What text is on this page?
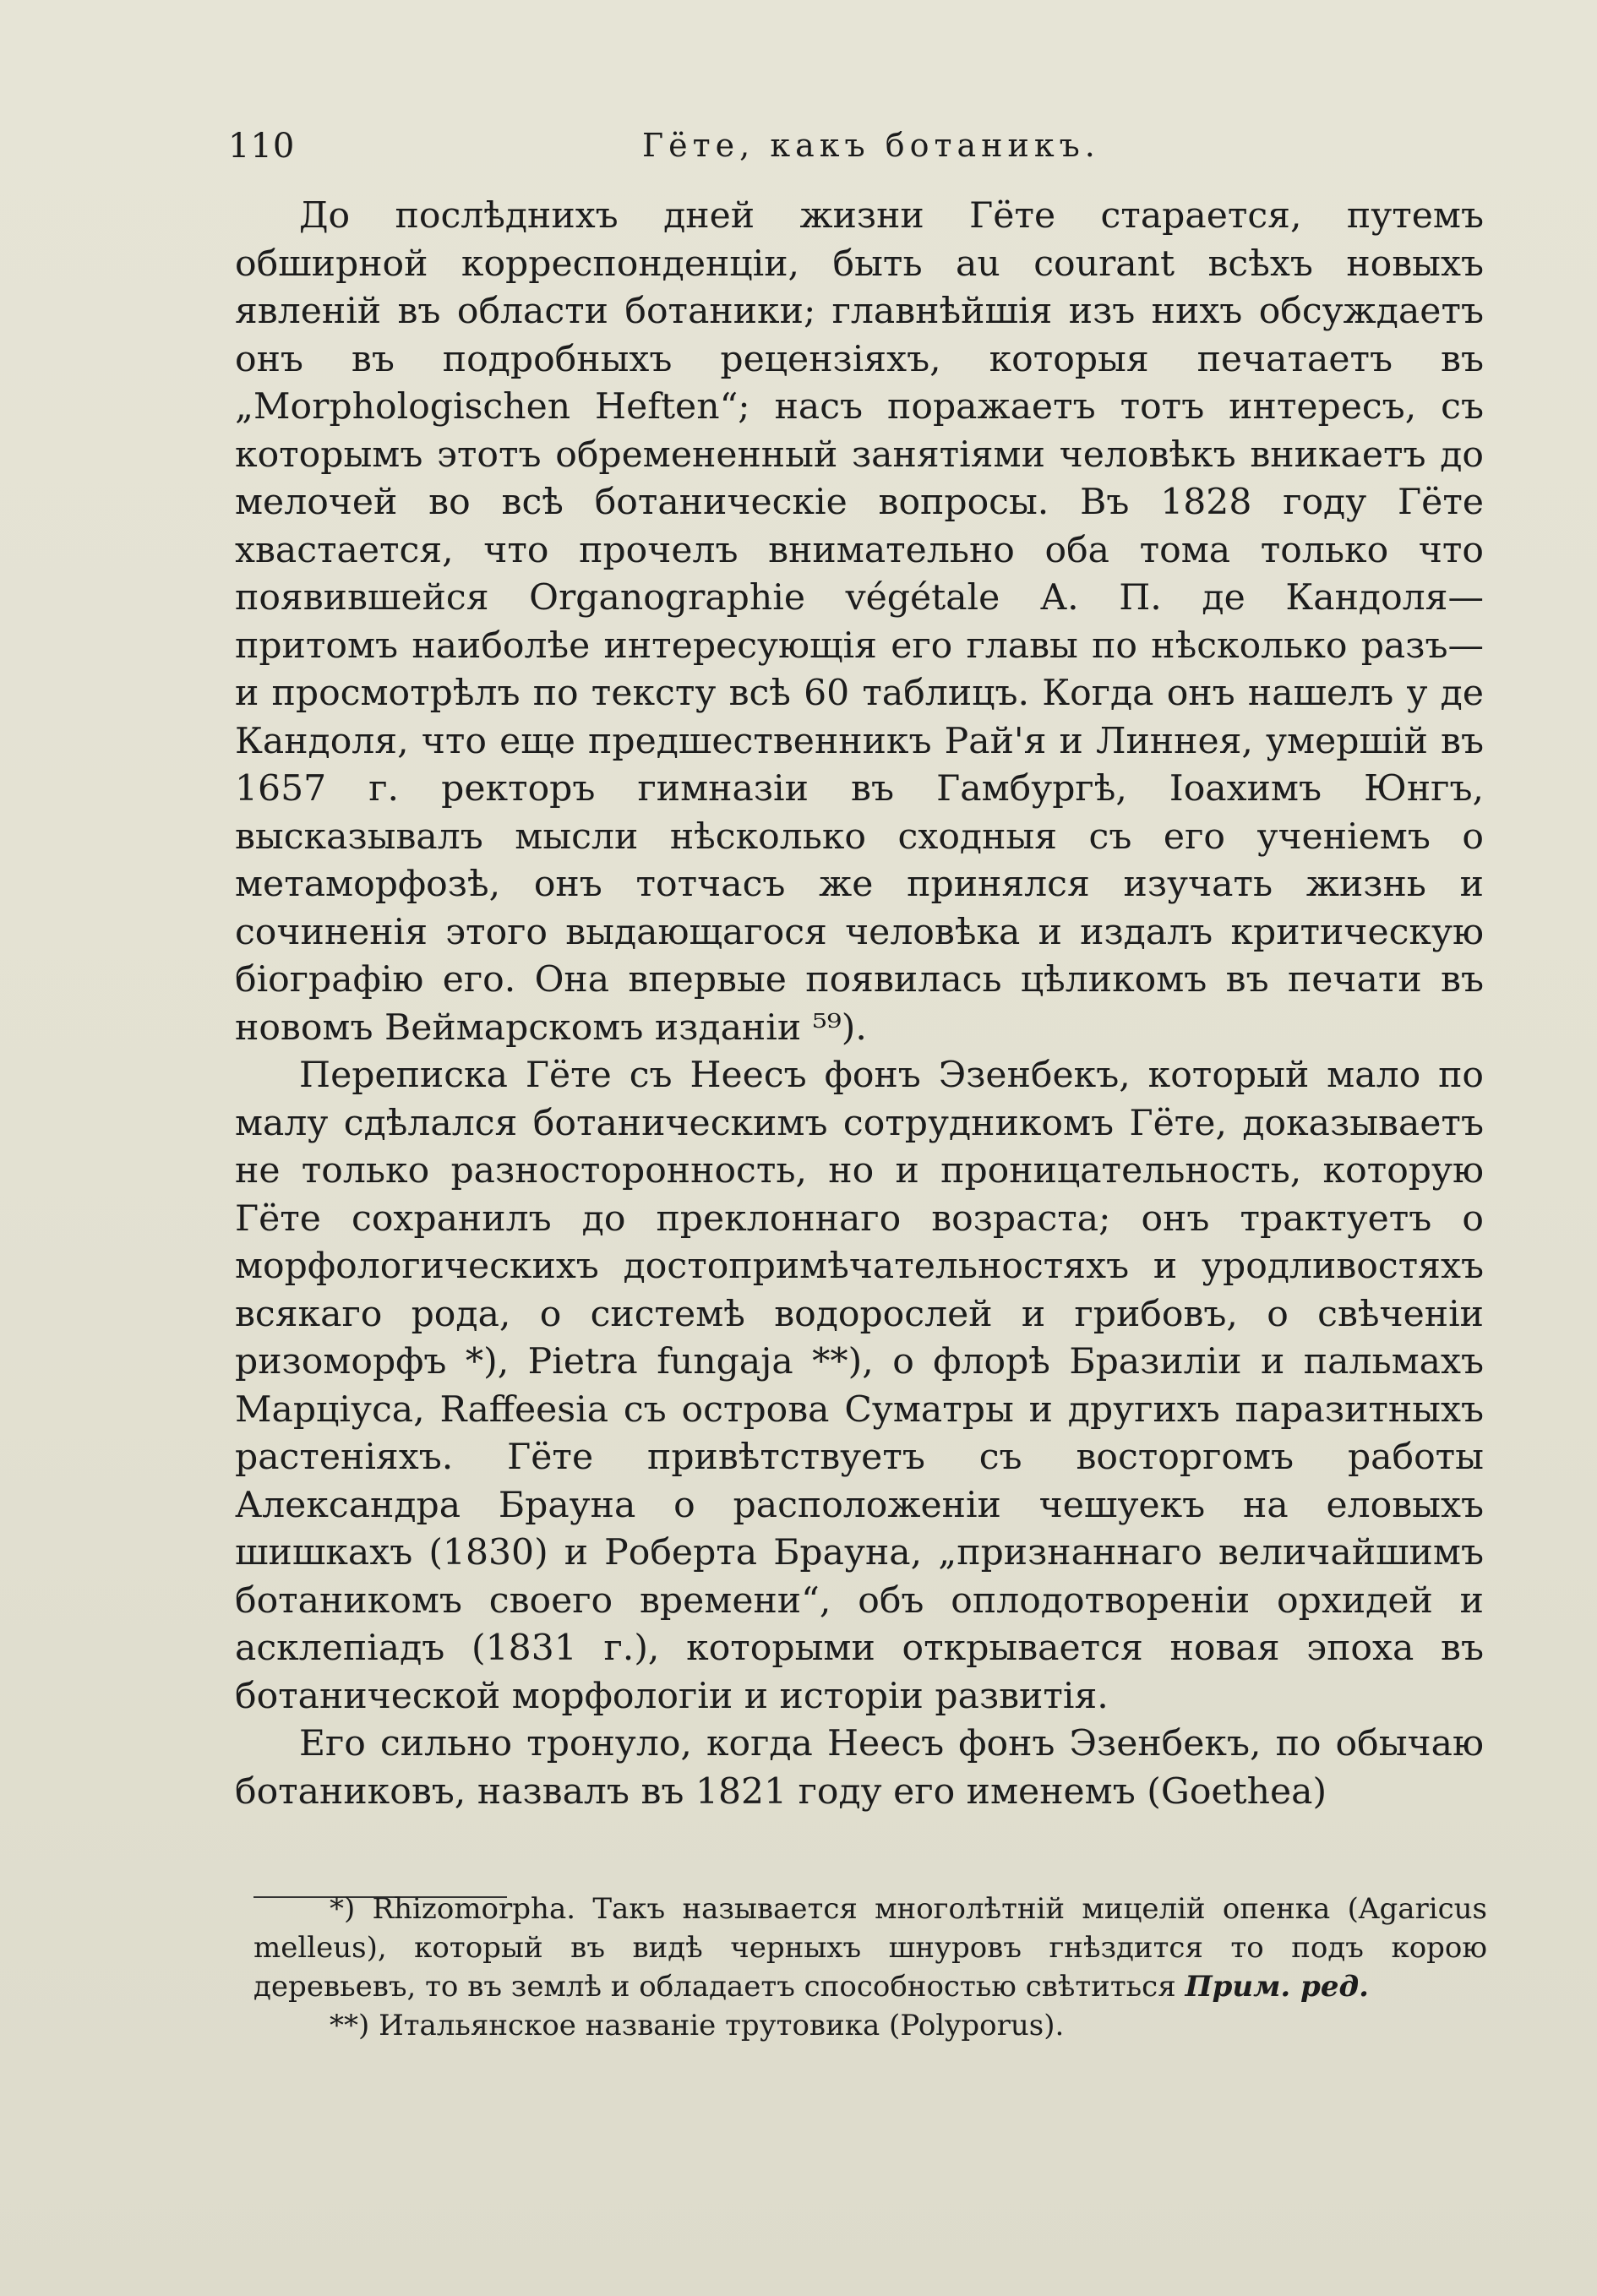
110	Гёте, какъ ботаникъ.

До послѣднихъ дней жизни Гёте старается, путемъ обширной корреспонденціи, быть au courant всѣхъ новыхъ явленій въ области ботаники; главнѣйшія изъ нихъ обсуждаетъ онъ въ подробныхъ рецензіяхъ, которыя печатаетъ въ „Morphologischen Heften“; насъ поражаетъ тотъ интересъ, съ которымъ этотъ обремененный занятіями человѣкъ вникаетъ до мелочей во всѣ ботаническіе вопросы. Въ 1828 году Гёте хвастается, что прочелъ внимательно оба тома только что появившейся Organographie végétale А. П. де Кандоля— притомъ наиболѣе интересующія его главы по нѣсколько разъ—и просмотрѣлъ по тексту всѣ 60 таблицъ. Когда онъ нашелъ у де Кандоля, что еще предшественникъ Рай'я и Линнея, умершій въ 1657 г. ректоръ гимназіи въ Гамбургѣ, Іоахимъ Юнгъ, высказывалъ мысли нѣсколько сходныя съ его ученіемъ о метаморфозѣ, онъ тотчасъ же принялся изучать жизнь и сочиненія этого выдающагося человѣка и издалъ критическую біографію его. Она впервые появилась цѣликомъ въ печати въ новомъ Веймарскомъ изданіи ⁵⁹).

Переписка Гёте съ Неесъ фонъ Эзенбекъ, который мало по малу сдѣлался ботаническимъ сотрудникомъ Гёте, доказываетъ не только разносторонность, но и проницательность, которую Гёте сохранилъ до преклоннаго возраста; онъ трактуетъ о морфологическихъ достопримѣчательностяхъ и уродливостяхъ всякаго рода, о системѣ водорослей и грибовъ, о свѣченіи ризоморфъ *), Pietra fungaja **), о флорѣ Бразиліи и пальмахъ Марціуса, Raffeesia съ острова Суматры и другихъ паразитныхъ растеніяхъ. Гёте привѣтствуетъ съ восторгомъ работы Александра Брауна о расположеніи чешуекъ на еловыхъ шишкахъ (1830) и Роберта Брауна, „признаннаго величайшимъ ботаникомъ своего времени“, объ оплодотвореніи орхидей и асклепіадъ (1831 г.), которыми открывается новая эпоха въ ботанической морфологіи и исторіи развитія.

Его сильно тронуло, когда Неесъ фонъ Эзенбекъ, по обычаю ботаниковъ, назвалъ въ 1821 году его именемъ (Goethea)

*) Rhizomorpha. Такъ называется многолѣтній мицелій опенка (Agaricus melleus), который въ видѣ черныхъ шнуровъ гнѣздится то подъ корою деревьевъ, то въ землѣ и обладаетъ способностью свѣтиться Прим. ред.

**) Итальянское названіе трутовика (Polyporus).
